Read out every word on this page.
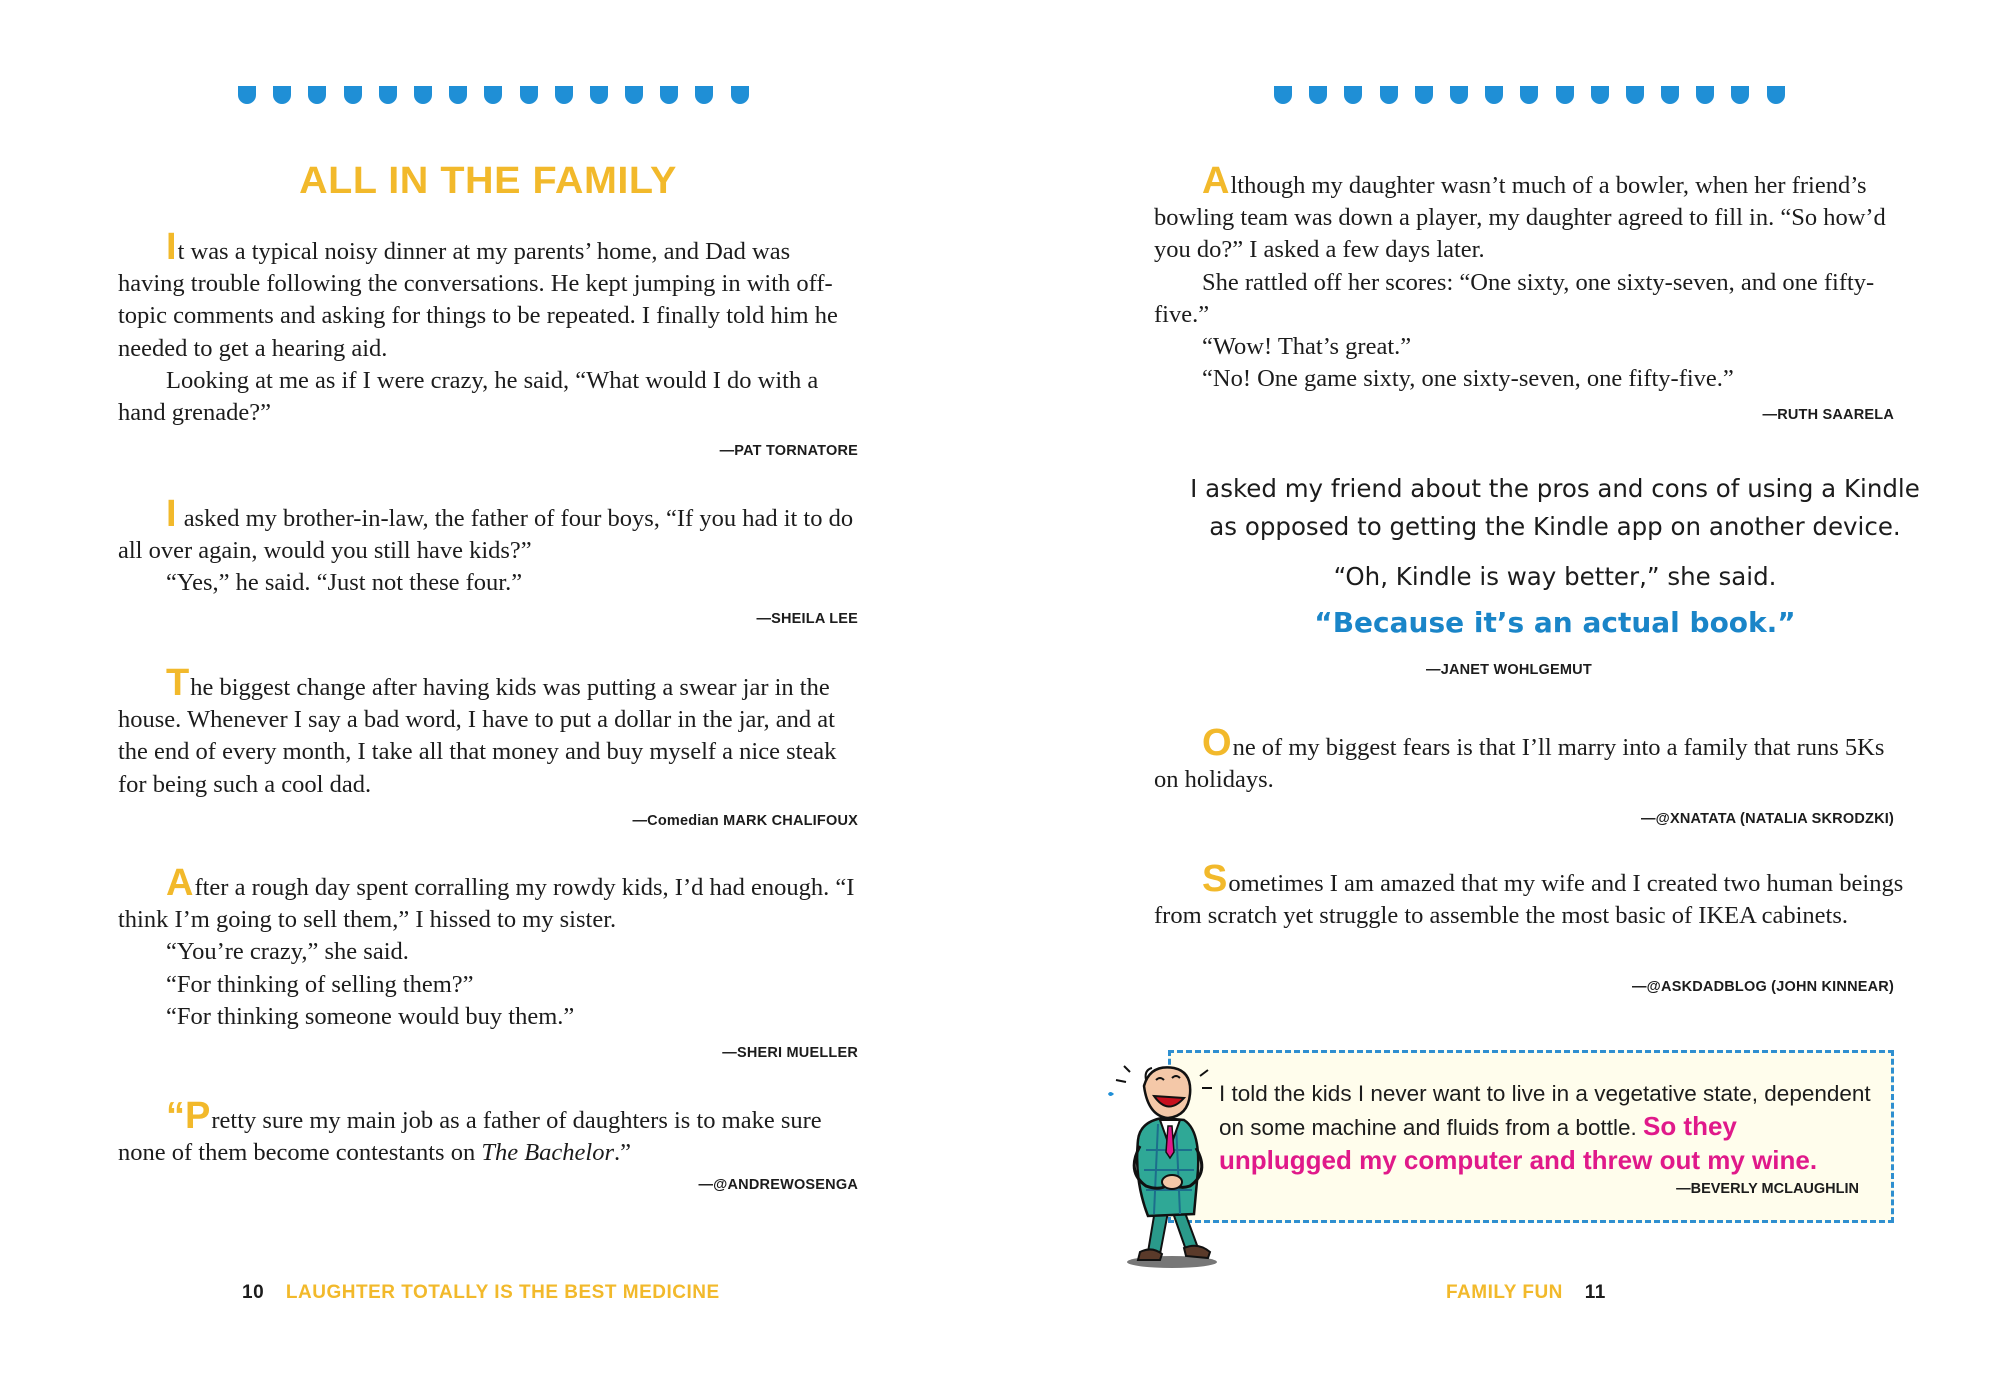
ALL IN THE FAMILY

It was a typical noisy dinner at my parents’ home, and Dad was having trouble following the conversations. He kept jumping in with off-topic comments and asking for things to be repeated. I finally told him he needed to get a hearing aid.

Looking at me as if I were crazy, he said, “What would I do with a hand grenade?”

—PAT TORNATORE

I asked my brother-in-law, the father of four boys, “If you had it to do all over again, would you still have kids?”

“Yes,” he said. “Just not these four.”

—SHEILA LEE

The biggest change after having kids was putting a swear jar in the house. Whenever I say a bad word, I have to put a dollar in the jar, and at the end of every month, I take all that money and buy myself a nice steak for being such a cool dad.

—Comedian MARK CHALIFOUX

After a rough day spent corralling my rowdy kids, I’d had enough. “I think I’m going to sell them,” I hissed to my sister.

“You’re crazy,” she said.

“For thinking of selling them?”

“For thinking someone would buy them.”

—SHERI MUELLER

“Pretty sure my main job as a father of daughters is to make sure none of them become contestants on The Bachelor.”

—@ANDREWOSENGA
10 LAUGHTER TOTALLY IS THE BEST MEDICINE

Although my daughter wasn’t much of a bowler, when her friend’s bowling team was down a player, my daughter agreed to fill in. “So how’d you do?” I asked a few days later.

She rattled off her scores: “One sixty, one sixty-seven, and one fifty- five.”

“Wow! That’s great.”

“No! One game sixty, one sixty-seven, one fifty-five.”

—RUTH SAARELA
I asked my friend about the pros and cons of using a Kindle
as opposed to getting the Kindle app on another device.
“Oh, Kindle is way better,” she said.
“Because it’s an actual book.”
—JANET WOHLGEMUT

One of my biggest fears is that I’ll marry into a family that runs 5Ks on holidays.

—@XNATATA (NATALIA SKRODZKI)

Sometimes I am amazed that my wife and I created two human beings from scratch yet struggle to assemble the most basic of IKEA cabinets.

—@ASKDADBLOG (JOHN KINNEAR)
I told the kids I never want to live in a vegetative state, dependent on some machine and fluids from a bottle. So they unplugged my computer and threw out my wine.
—BEVERLY MCLAUGHLIN
FAMILY FUN 11
